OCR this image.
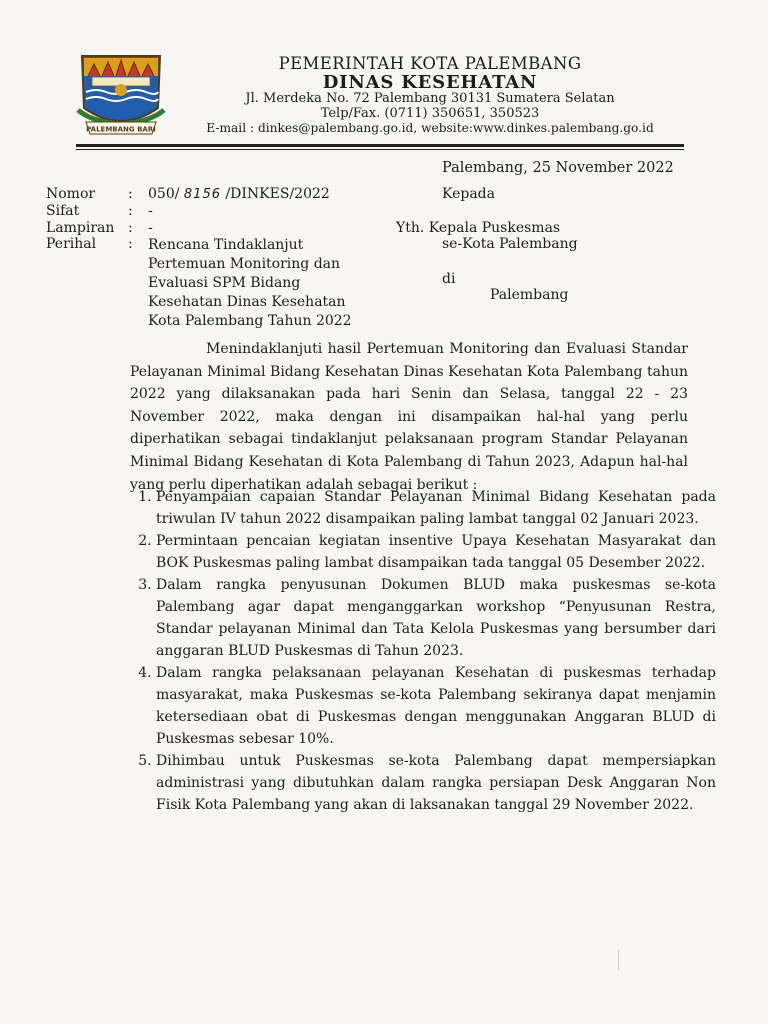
PALEMBANG BARI
PEMERINTAH KOTA PALEMBANG
DINAS KESEHATAN
Jl. Merdeka No. 72 Palembang 30131 Sumatera Selatan
Telp/Fax. (0711) 350651, 350523
E-mail : dinkes@palembang.go.id, website:www.dinkes.palembang.go.id
Palembang, 25 November 2022
Nomor : 050/ 8156 /DINKES/2022
Sifat	: -
Lampiran : -
Perihal : Rencana Tindaklanjut
Pertemuan Monitoring dan
Evaluasi SPM Bidang
Kesehatan Dinas Kesehatan
Kota Palembang Tahun 2022
Kepada
Yth. Kepala Puskesmas
se-Kota Palembang
di
Palembang
Menindaklanjuti hasil Pertemuan Monitoring dan Evaluasi Standar Pelayanan Minimal Bidang Kesehatan Dinas Kesehatan Kota Palembang tahun 2022 yang dilaksanakan pada hari Senin dan Selasa, tanggal 22 - 23 November 2022, maka dengan ini disampaikan hal-hal yang perlu diperhatikan sebagai tindaklanjut pelaksanaan program Standar Pelayanan Minimal Bidang Kesehatan di Kota Palembang di Tahun 2023, Adapun hal-hal yang perlu diperhatikan adalah sebagai berikut :
1. Penyampaian capaian Standar Pelayanan Minimal Bidang Kesehatan pada triwulan IV tahun 2022 disampaikan paling lambat tanggal 02 Januari 2023.
2. Permintaan pencaian kegiatan insentive Upaya Kesehatan Masyarakat dan BOK Puskesmas paling lambat disampaikan tada tanggal 05 Desember 2022.
3. Dalam rangka penyusunan Dokumen BLUD maka puskesmas se-kota Palembang agar dapat menganggarkan workshop “Penyusunan Restra, Standar pelayanan Minimal dan Tata Kelola Puskesmas yang bersumber dari anggaran BLUD Puskesmas di Tahun 2023.
4. Dalam rangka pelaksanaan pelayanan Kesehatan di puskesmas terhadap masyarakat, maka Puskesmas se-kota Palembang sekiranya dapat menjamin ketersediaan obat di Puskesmas dengan menggunakan Anggaran BLUD di Puskesmas sebesar 10%.
5. Dihimbau untuk Puskesmas se-kota Palembang dapat mempersiapkan administrasi yang dibutuhkan dalam rangka persiapan Desk Anggaran Non Fisik Kota Palembang yang akan di laksanakan tanggal 29 November 2022.
